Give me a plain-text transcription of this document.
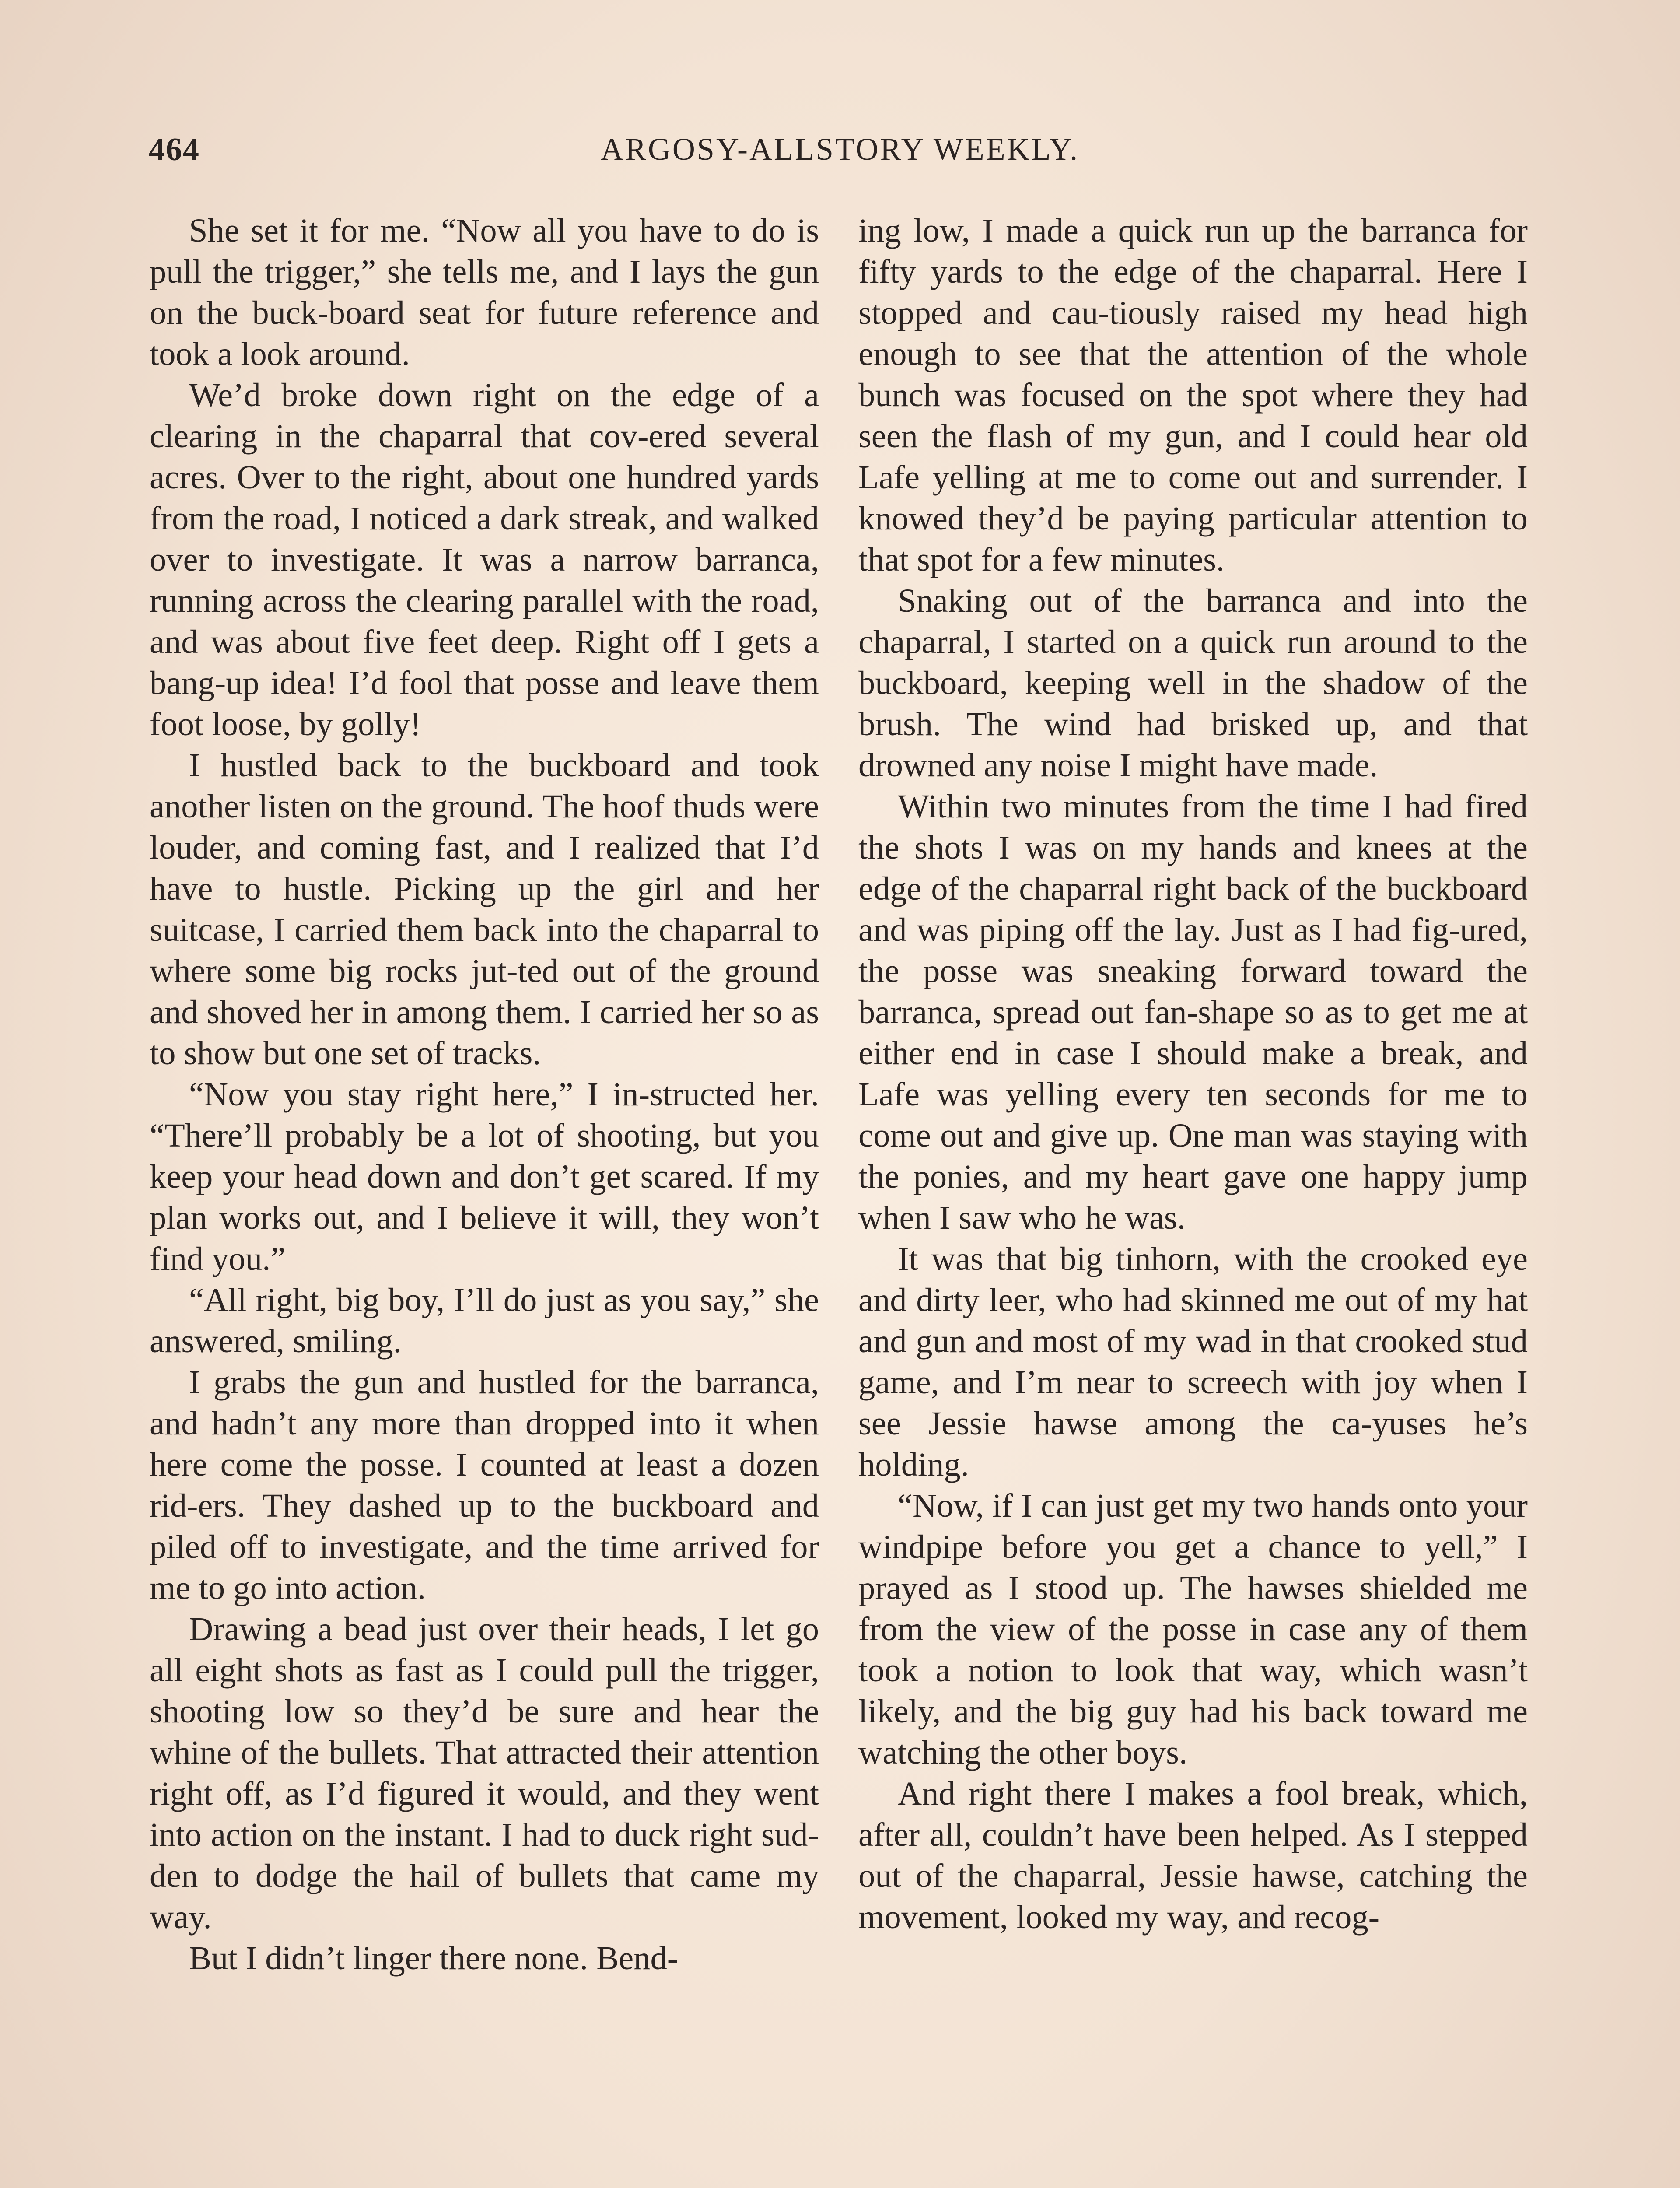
464	ARGOSY-ALLSTORY WEEKLY.

She set it for me. “Now all you have to do is pull the trigger,” she tells me, and I lays the gun on the buck-board seat for future reference and took a look around.

We’d broke down right on the edge of a clearing in the chaparral that cov-ered several acres. Over to the right, about one hundred yards from the road, I noticed a dark streak, and walked over to investigate. It was a narrow barranca, running across the clearing parallel with the road, and was about five feet deep. Right off I gets a bang-up idea! I’d fool that posse and leave them foot loose, by golly!

I hustled back to the buckboard and took another listen on the ground. The hoof thuds were louder, and coming fast, and I realized that I’d have to hustle. Picking up the girl and her suitcase, I carried them back into the chaparral to where some big rocks jut-ted out of the ground and shoved her in among them. I carried her so as to show but one set of tracks.

“Now you stay right here,” I in-structed her. “There’ll probably be a lot of shooting, but you keep your head down and don’t get scared. If my plan works out, and I believe it will, they won’t find you.”

“All right, big boy, I’ll do just as you say,” she answered, smiling.

I grabs the gun and hustled for the barranca, and hadn’t any more than dropped into it when here come the posse. I counted at least a dozen rid-ers. They dashed up to the buckboard and piled off to investigate, and the time arrived for me to go into action.

Drawing a bead just over their heads, I let go all eight shots as fast as I could pull the trigger, shooting low so they’d be sure and hear the whine of the bullets. That attracted their attention right off, as I’d figured it would, and they went into action on the instant. I had to duck right sud-den to dodge the hail of bullets that came my way.

But I didn’t linger there none. Bend-

ing low, I made a quick run up the barranca for fifty yards to the edge of the chaparral. Here I stopped and cau-tiously raised my head high enough to see that the attention of the whole bunch was focused on the spot where they had seen the flash of my gun, and I could hear old Lafe yelling at me to come out and surrender. I knowed they’d be paying particular attention to that spot for a few minutes.

Snaking out of the barranca and into the chaparral, I started on a quick run around to the buckboard, keeping well in the shadow of the brush. The wind had brisked up, and that drowned any noise I might have made.

Within two minutes from the time I had fired the shots I was on my hands and knees at the edge of the chaparral right back of the buckboard and was piping off the lay. Just as I had fig-ured, the posse was sneaking forward toward the barranca, spread out fan-shape so as to get me at either end in case I should make a break, and Lafe was yelling every ten seconds for me to come out and give up. One man was staying with the ponies, and my heart gave one happy jump when I saw who he was.

It was that big tinhorn, with the crooked eye and dirty leer, who had skinned me out of my hat and gun and most of my wad in that crooked stud game, and I’m near to screech with joy when I see Jessie hawse among the ca-yuses he’s holding.

“Now, if I can just get my two hands onto your windpipe before you get a chance to yell,” I prayed as I stood up. The hawses shielded me from the view of the posse in case any of them took a notion to look that way, which wasn’t likely, and the big guy had his back toward me watching the other boys.

And right there I makes a fool break, which, after all, couldn’t have been helped. As I stepped out of the chaparral, Jessie hawse, catching the movement, looked my way, and recog-
